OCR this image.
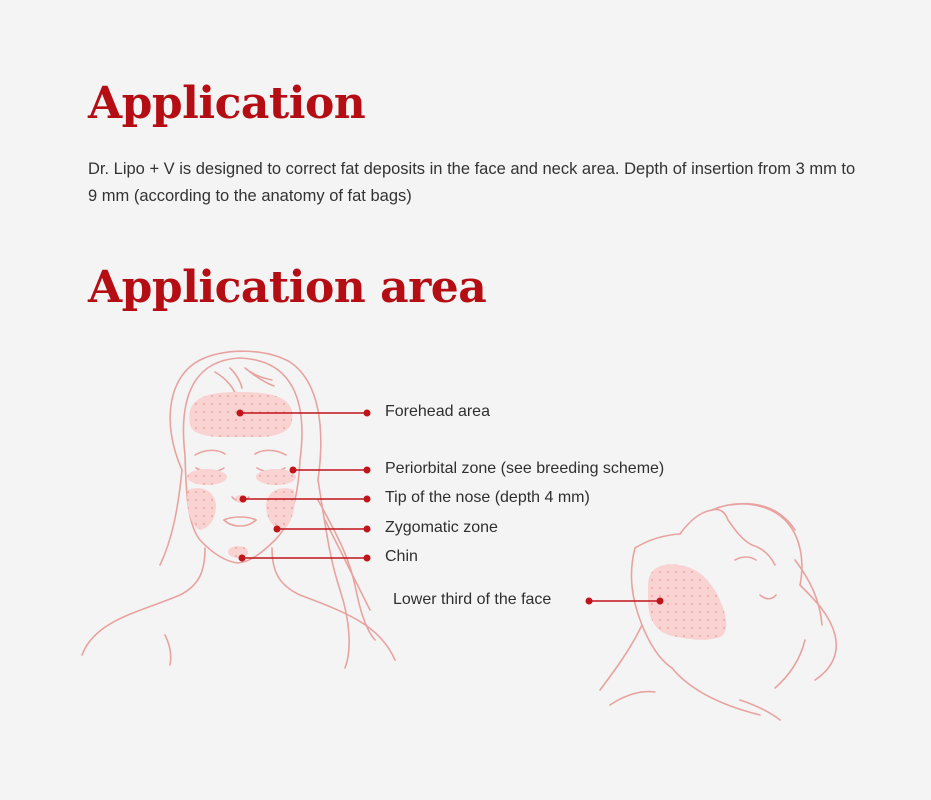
Application

Dr. Lipo + V is designed to correct fat deposits in the face and neck area. Depth of insertion from 3 mm to 9 mm (according to the anatomy of fat bags)

Application area
Forehead area
Periorbital zone (see breeding scheme)
Tip of the nose (depth 4 mm)
Zygomatic zone
Chin
Lower third of the face
